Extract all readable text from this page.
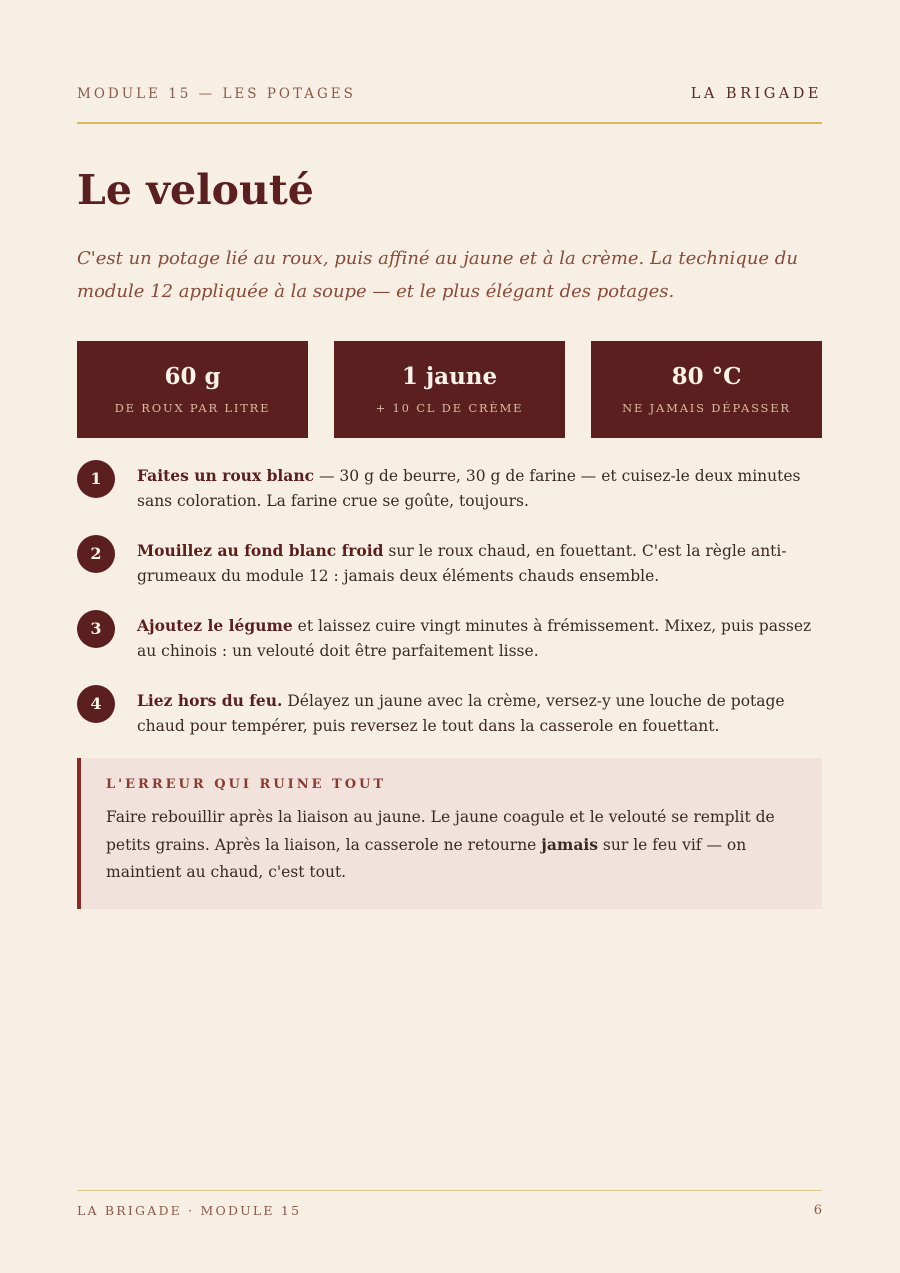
MODULE 15 — LES POTAGES	LA BRIGADE
Le velouté

C'est un potage lié au roux, puis affiné au jaune et à la crème. La technique du module 12 appliquée à la soupe — et le plus élégant des potages.

60 g
DE ROUX PAR LITRE
1 jaune
+ 10 CL DE CRÈME
80 °C
NE JAMAIS DÉPASSER
1	Faites un roux blanc — 30 g de beurre, 30 g de farine — et cuisez-le deux minutes sans coloration. La farine crue se goûte, toujours.

2	Mouillez au fond blanc froid sur le roux chaud, en fouettant. C'est la règle anti-grumeaux du module 12 : jamais deux éléments chauds ensemble.

3	Ajoutez le légume et laissez cuire vingt minutes à frémissement. Mixez, puis passez au chinois : un velouté doit être parfaitement lisse.

4	Liez hors du feu. Délayez un jaune avec la crème, versez-y une louche de potage chaud pour tempérer, puis reversez le tout dans la casserole en fouettant.

L'ERREUR QUI RUINE TOUT

Faire rebouillir après la liaison au jaune. Le jaune coagule et le velouté se remplit de petits grains. Après la liaison, la casserole ne retourne jamais sur le feu vif — on maintient au chaud, c'est tout.

LA BRIGADE · MODULE 15	6
